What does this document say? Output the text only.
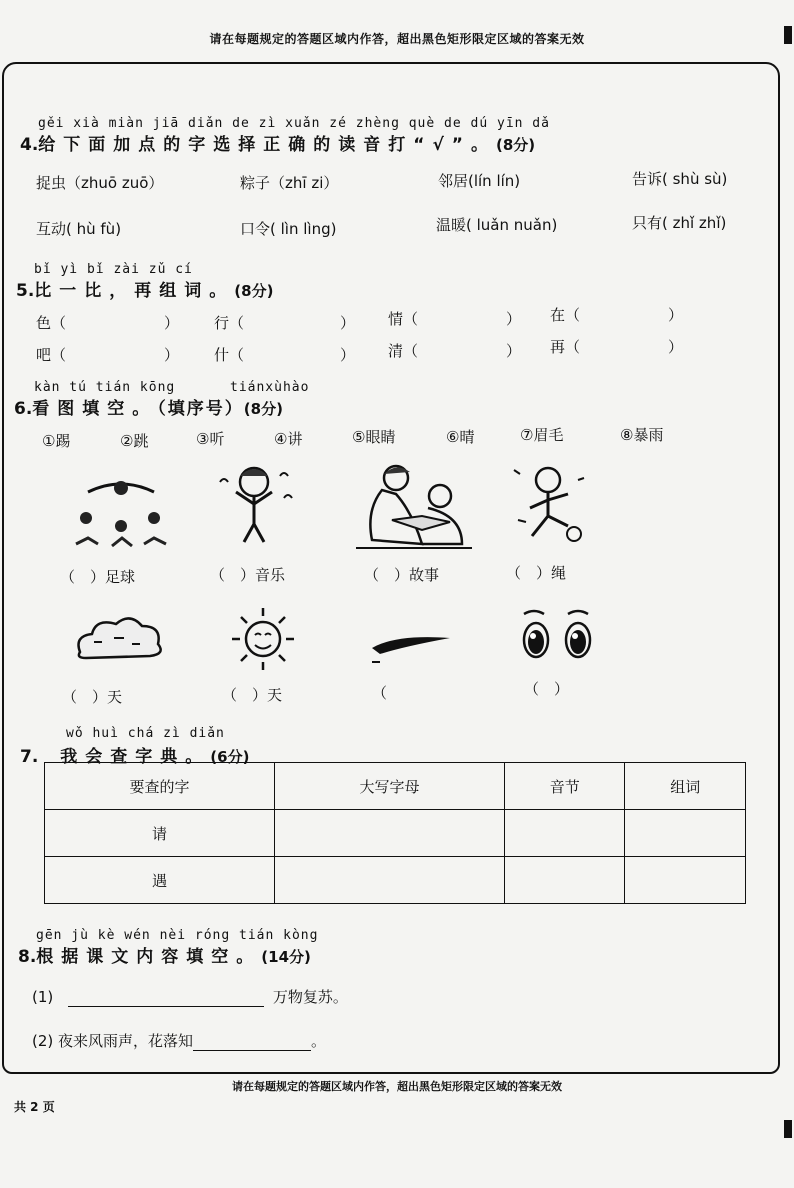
请在每题规定的答题区域内作答，超出黑色矩形限定区域的答案无效
gěi xià miàn jiā diǎn de zì xuǎn zé zhèng què de dú yīn dǎ
4.给下面加点的字选择正确的读音打“√”。(8分)
捉虫（zhuō zuō）	粽子（zhī zi）	邻居(lín lín)	告诉( shù sù)
互动( hù fù)	口令( lìn lìng)	温暖( luǎn nuǎn)	只有( zhǐ zhǐ)
bǐ yì bǐ zài zǔ cí
5.比一比，再组词。(8分)
色（	） 行（	） 情（	） 在（	）
吧（	） 什（	） 清（	） 再（	）
kàn tú tián kōng	tiánxùhào
6.看图填空。（填序号）(8分)
①踢	②跳	③听	④讲	⑤眼睛	⑥晴	⑦眉毛	⑧暴雨
（　）足球	（　）音乐	（　）故事	（　）绳
（　）天	（　）天	（	（　）
wǒ huì chá zì diǎn
7. 我会查字典。(6分)
要查的字	大写字母	音节	组词
请			
遇			
gēn jù kè wén nèi róng tián kòng
8.根据课文内容填空。(14分)
(1)	万物复苏。
(2) 夜来风雨声，花落知	。
请在每题规定的答题区域内作答，超出黑色矩形限定区域的答案无效
共 2 页
